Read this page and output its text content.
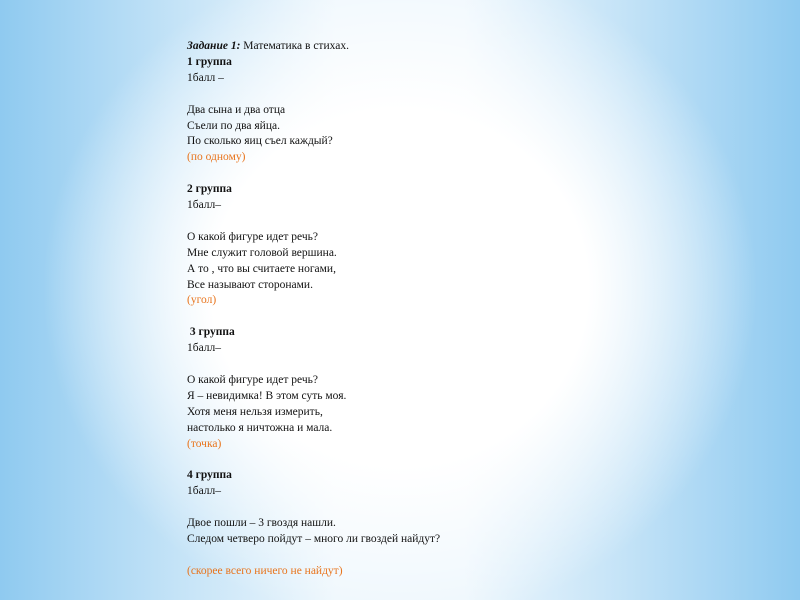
Задание 1: Математика в стихах.
1 группа
1балл –
Два сына и два отца
Съели по два яйца.
По сколько яиц съел каждый?
(по одному)
2 группа
1балл–
О какой фигуре идет речь?
Мне служит головой вершина.
А то , что вы считаете ногами,
Все называют сторонами.
(угол)
3 группа
1балл–
О какой фигуре идет речь?
Я – невидимка! В этом суть моя.
Хотя меня нельзя измерить,
настолько я ничтожна и мала.
(точка)
4 группа
1балл–
Двое пошли – 3 гвоздя нашли.
Следом четверо пойдут – много ли гвоздей найдут?
(скорее всего ничего не найдут)
